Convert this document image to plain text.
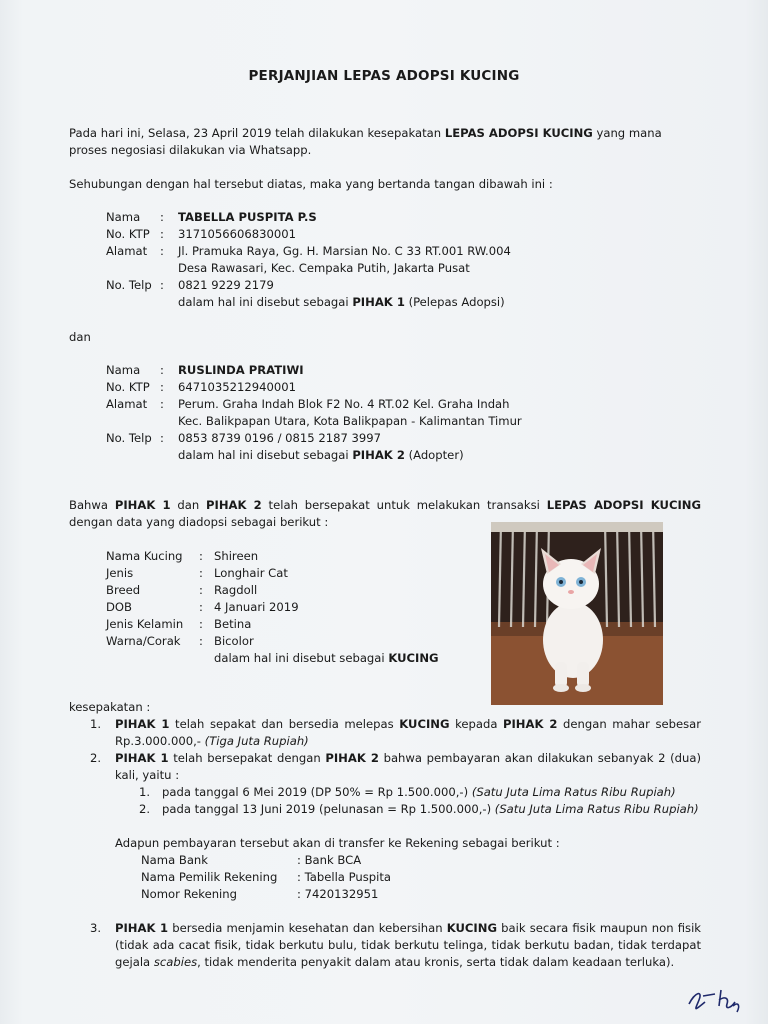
PERJANJIAN LEPAS ADOPSI KUCING
Pada hari ini, Selasa, 23 April 2019 telah dilakukan kesepakatan LEPAS ADOPSI KUCING yang mana proses negosiasi dilakukan via Whatsapp.
Sehubungan dengan hal tersebut diatas, maka yang bertanda tangan dibawah ini :
Nama : TABELLA PUSPITA P.S
No. KTP : 3171056606830001
Alamat : Jl. Pramuka Raya, Gg. H. Marsian No. C 33 RT.001 RW.004
Desa Rawasari, Kec. Cempaka Putih, Jakarta Pusat
No. Telp : 0821 9229 2179
dalam hal ini disebut sebagai PIHAK 1 (Pelepas Adopsi)
dan
Nama : RUSLINDA PRATIWI
No. KTP : 6471035212940001
Alamat : Perum. Graha Indah Blok F2 No. 4 RT.02 Kel. Graha Indah
Kec. Balikpapan Utara, Kota Balikpapan - Kalimantan Timur
No. Telp : 0853 8739 0196 / 0815 2187 3997
dalam hal ini disebut sebagai PIHAK 2 (Adopter)
Bahwa PIHAK 1 dan PIHAK 2 telah bersepakat untuk melakukan transaksi LEPAS ADOPSI KUCING dengan data yang diadopsi sebagai berikut :
Nama Kucing : Shireen
Jenis	: Longhair Cat
Breed	: Ragdoll
DOB	: 4 Januari 2019
Jenis Kelamin : Betina
Warna/Corak : Bicolor
dalam hal ini disebut sebagai KUCING
kesepakatan :
1. PIHAK 1 telah sepakat dan bersedia melepas KUCING kepada PIHAK 2 dengan mahar sebesar Rp.3.000.000,- (Tiga Juta Rupiah)
2. PIHAK 1 telah bersepakat dengan PIHAK 2 bahwa pembayaran akan dilakukan sebanyak 2 (dua) kali, yaitu :
1. pada tanggal 6 Mei 2019 (DP 50% = Rp 1.500.000,-) (Satu Juta Lima Ratus Ribu Rupiah)
2. pada tanggal 13 Juni 2019 (pelunasan = Rp 1.500.000,-) (Satu Juta Lima Ratus Ribu Rupiah)
Adapun pembayaran tersebut akan di transfer ke Rekening sebagai berikut :
Nama Bank	: Bank BCA
Nama Pemilik Rekening : Tabella Puspita
Nomor Rekening	: 7420132951
3. PIHAK 1 bersedia menjamin kesehatan dan kebersihan KUCING baik secara fisik maupun non fisik (tidak ada cacat fisik, tidak berkutu bulu, tidak berkutu telinga, tidak berkutu badan, tidak terdapat gejala scabies, tidak menderita penyakit dalam atau kronis, serta tidak dalam keadaan terluka).
